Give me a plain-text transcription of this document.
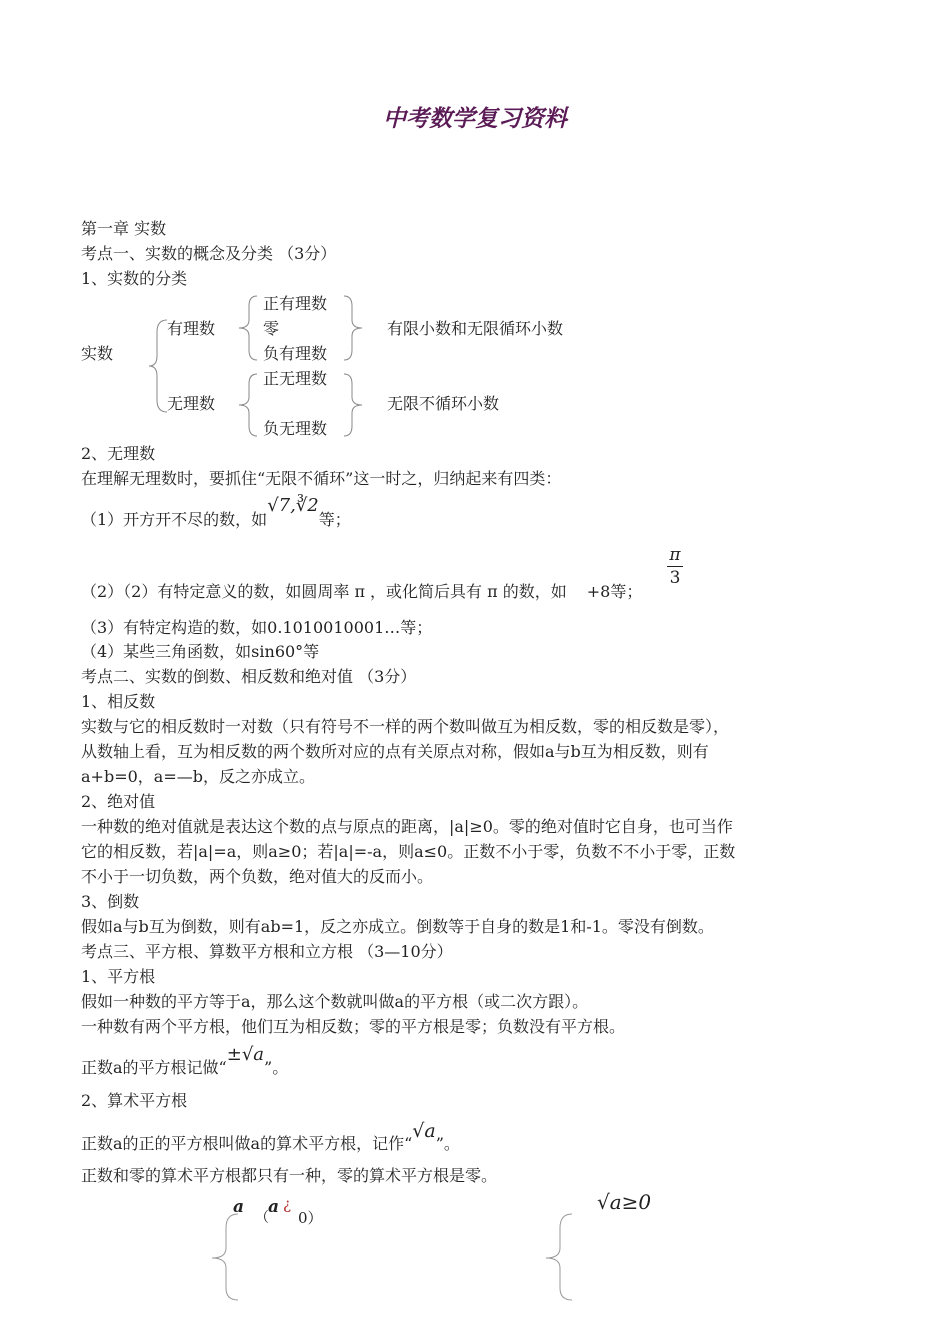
中考数学复习资料
第一章 实数
考点一、实数的概念及分类 （3分）
1、实数的分类
实数
有理数
无理数
正有理数
零
负有理数
正无理数
负无理数
有限小数和无限循环小数
无限不循环小数
2、无理数
在理解无理数时，要抓住“无限不循环”这一时之，归纳起来有四类：
（1）开方开不尽的数，如√7,∛2等；
π
3
（2）（2）有特定意义的数，如圆周率 π ，或化简后具有 π 的数，如 +8等；
（3）有特定构造的数，如0.1010010001…等；
（4）某些三角函数，如sin60°等
考点二、实数的倒数、相反数和绝对值 （3分）
1、相反数
实数与它的相反数时一对数（只有符号不一样的两个数叫做互为相反数，零的相反数是零），
从数轴上看，互为相反数的两个数所对应的点有关原点对称，假如a与b互为相反数，则有
a+b=0，a=—b，反之亦成立。
2、绝对值
一种数的绝对值就是表达这个数的点与原点的距离，|a|≥0。零的绝对值时它自身，也可当作
它的相反数，若|a|=a，则a≥0；若|a|=-a，则a≤0。正数不小于零，负数不不小于零，正数
不小于一切负数，两个负数，绝对值大的反而小。
3、倒数
假如a与b互为倒数，则有ab=1，反之亦成立。倒数等于自身的数是1和-1。零没有倒数。
考点三、平方根、算数平方根和立方根 （3—10分）
1、平方根
假如一种数的平方等于a，那么这个数就叫做a的平方根（或二次方跟）。
一种数有两个平方根，他们互为相反数；零的平方根是零；负数没有平方根。
正数a的平方根记做“±√a”。
2、算术平方根
正数a的正的平方根叫做a的算术平方根，记作“√a”。
正数和零的算术平方根都只有一种，零的算术平方根是零。
a
（
a ¿
0）
√a≥0
